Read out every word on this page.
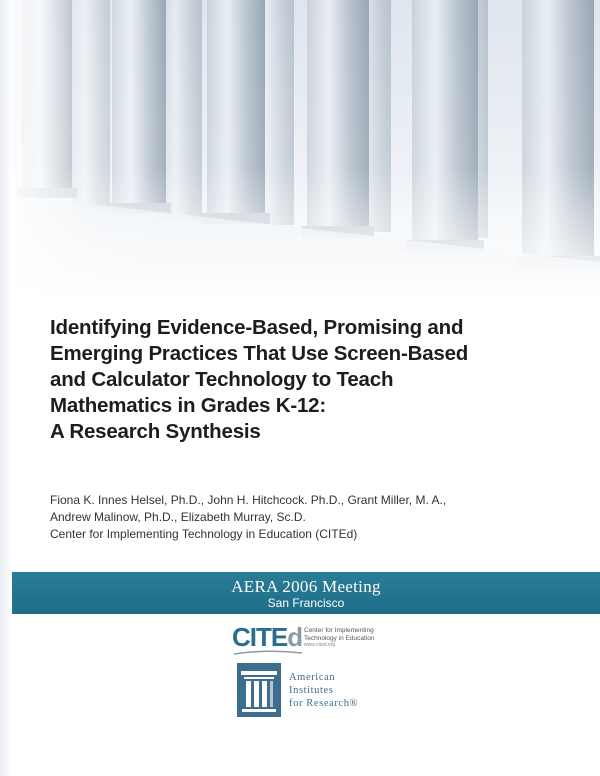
Identifying Evidence-Based, Promising and
Emerging Practices That Use Screen-Based
and Calculator Technology to Teach
Mathematics in Grades K-12:
A Research Synthesis
Fiona K. Innes Helsel, Ph.D., John H. Hitchcock. Ph.D., Grant Miller, M. A.,
Andrew Malinow, Ph.D., Elizabeth Murray, Sc.D.
Center for Implementing Technology in Education (CITEd)
AERA 2006 Meeting
San Francisco
CITEd Center for Implementing
Technology in Education
www.cited.org
American
Institutes
for Research®
